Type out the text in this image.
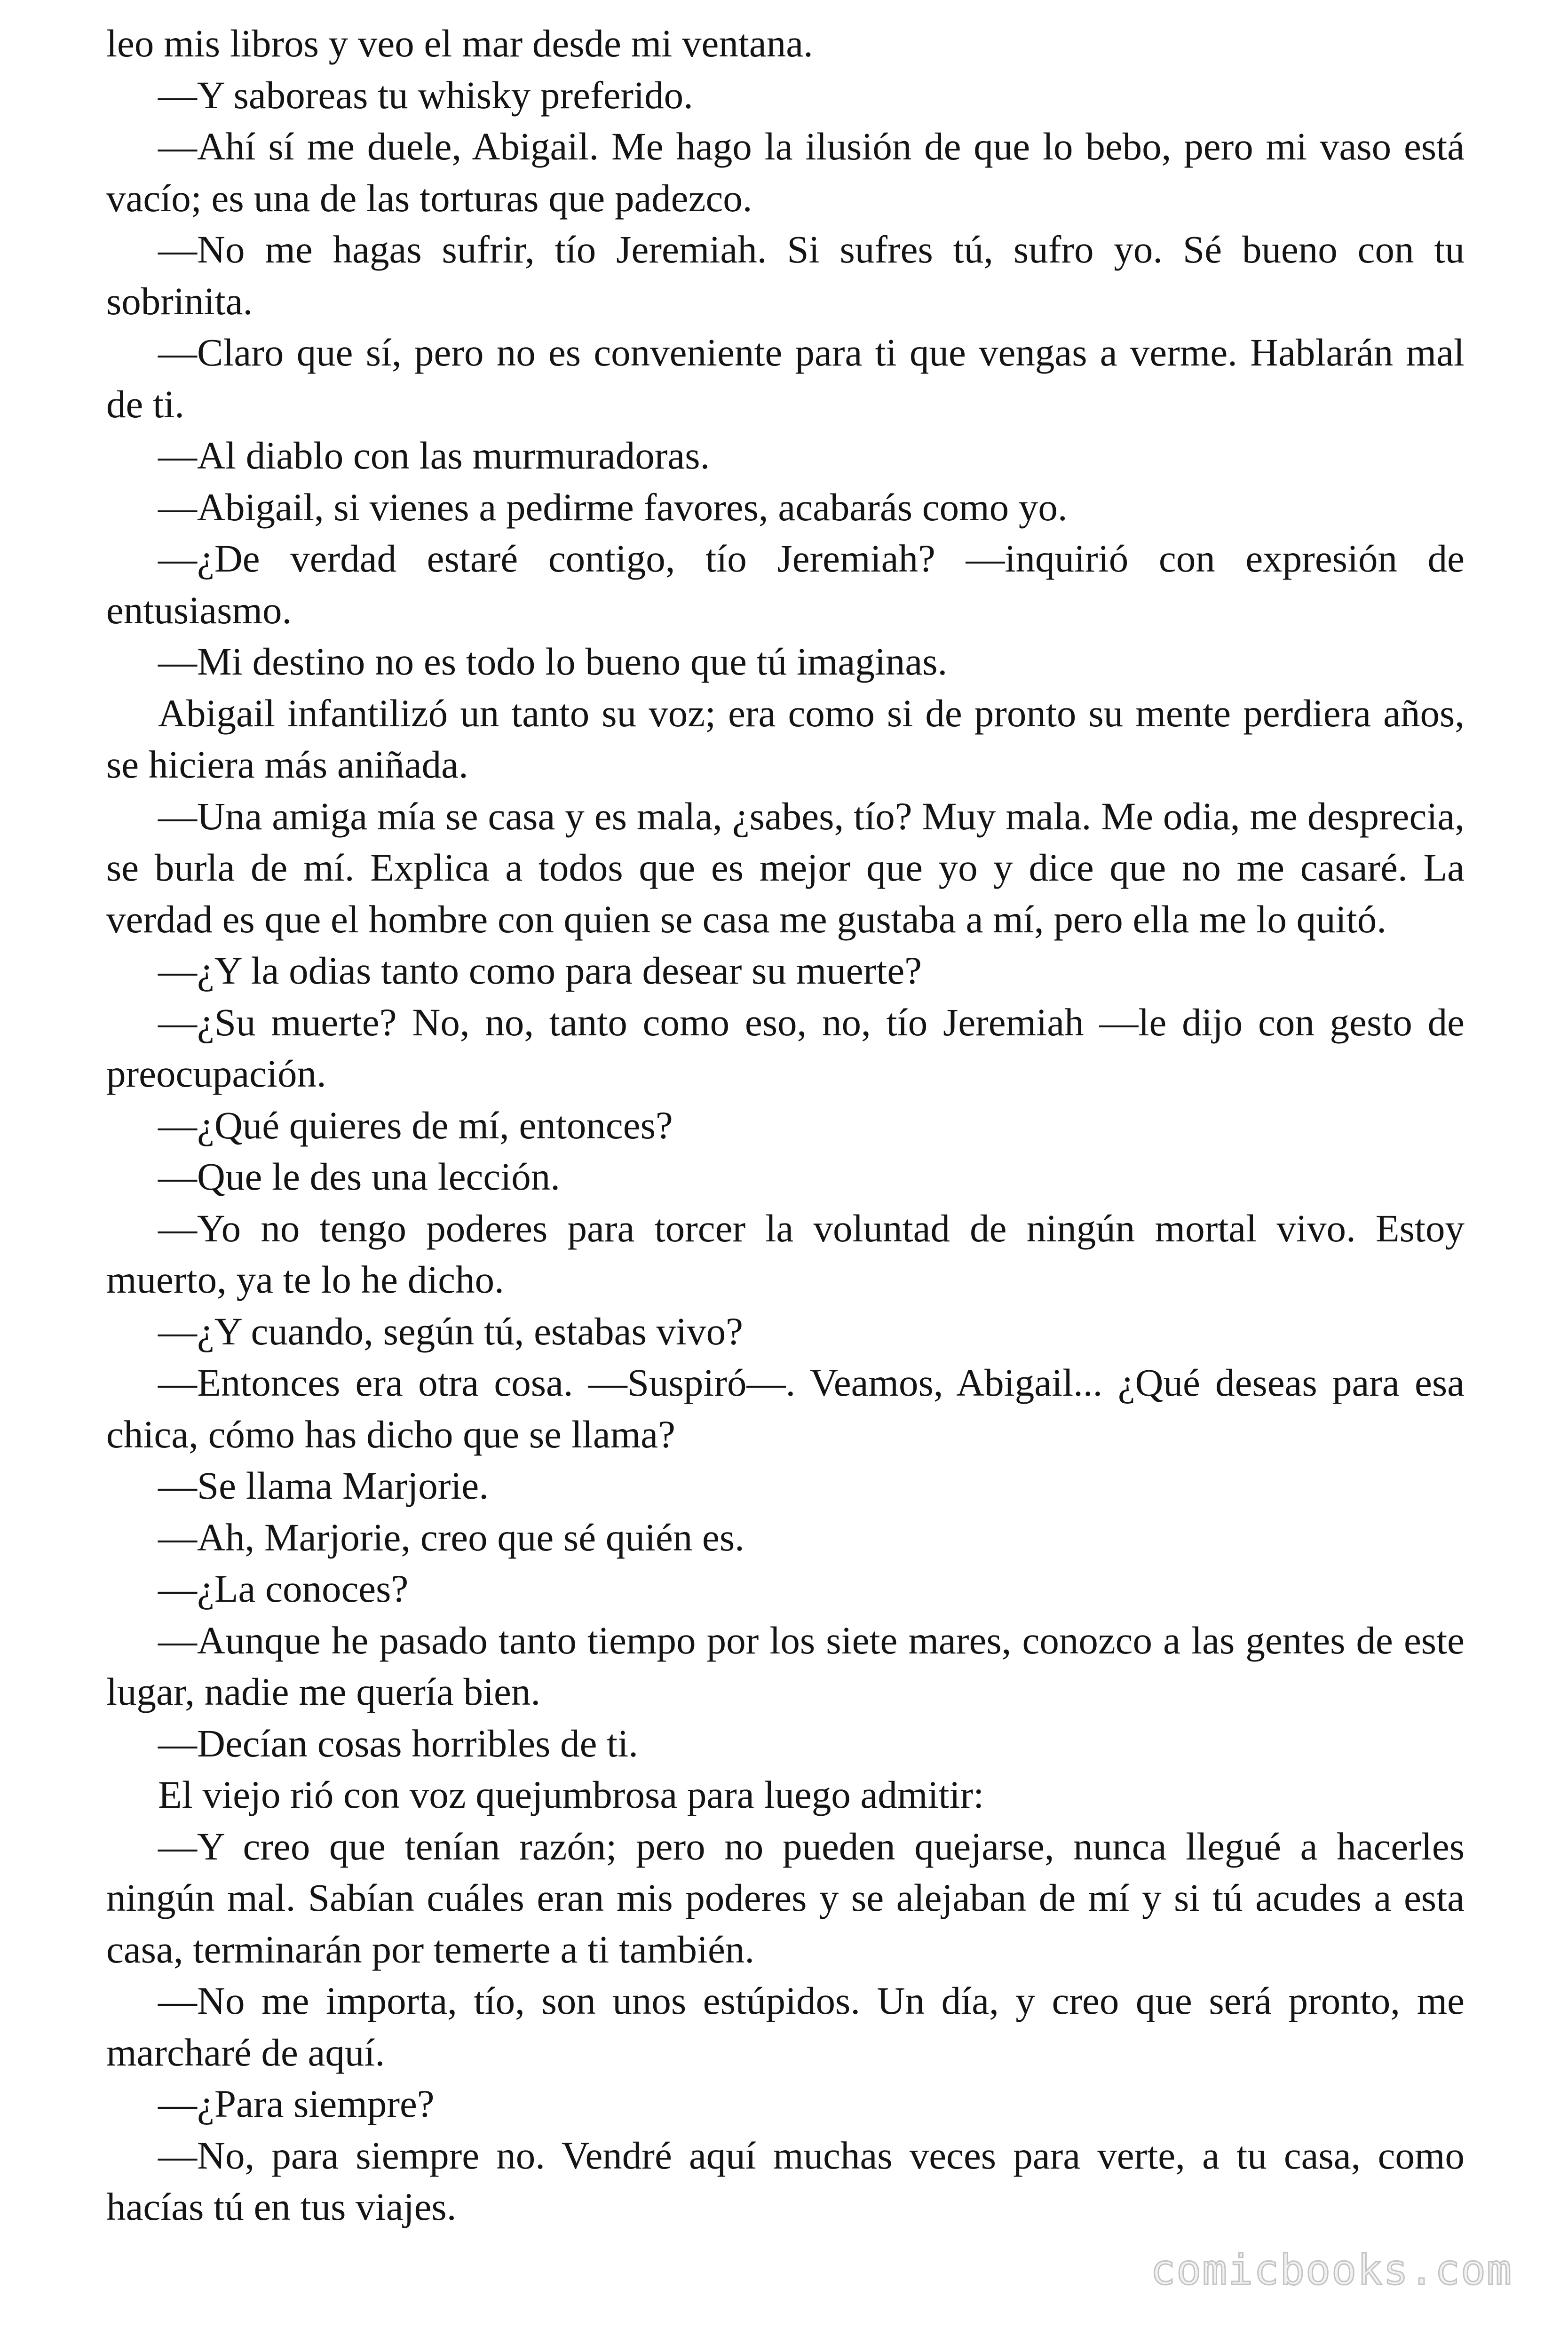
leo mis libros y veo el mar desde mi ventana.

—Y saboreas tu whisky preferido.

—Ahí sí me duele, Abigail. Me hago la ilusión de que lo bebo, pero mi vaso está vacío; es una de las torturas que padezco.

—No me hagas sufrir, tío Jeremiah. Si sufres tú, sufro yo. Sé bueno con tu sobrinita.

—Claro que sí, pero no es conveniente para ti que vengas a verme. Hablarán mal de ti.

—Al diablo con las murmuradoras.

—Abigail, si vienes a pedirme favores, acabarás como yo.

—¿De verdad estaré contigo, tío Jeremiah? —inquirió con expresión de entusiasmo.

—Mi destino no es todo lo bueno que tú imaginas.

Abigail infantilizó un tanto su voz; era como si de pronto su mente perdiera años, se hiciera más aniñada.

—Una amiga mía se casa y es mala, ¿sabes, tío? Muy mala. Me odia, me desprecia, se burla de mí. Explica a todos que es mejor que yo y dice que no me casaré. La verdad es que el hombre con quien se casa me gustaba a mí, pero ella me lo quitó.

—¿Y la odias tanto como para desear su muerte?

—¿Su muerte? No, no, tanto como eso, no, tío Jeremiah —le dijo con gesto de preocupación.

—¿Qué quieres de mí, entonces?

—Que le des una lección.

—Yo no tengo poderes para torcer la voluntad de ningún mortal vivo. Estoy muerto, ya te lo he dicho.

—¿Y cuando, según tú, estabas vivo?

—Entonces era otra cosa. —Suspiró—. Veamos, Abigail... ¿Qué deseas para esa chica, cómo has dicho que se llama?

—Se llama Marjorie.

—Ah, Marjorie, creo que sé quién es.

—¿La conoces?

—Aunque he pasado tanto tiempo por los siete mares, conozco a las gentes de este lugar, nadie me quería bien.

—Decían cosas horribles de ti.

El viejo rió con voz quejumbrosa para luego admitir:

—Y creo que tenían razón; pero no pueden quejarse, nunca llegué a hacerles ningún mal. Sabían cuáles eran mis poderes y se alejaban de mí y si tú acudes a esta casa, terminarán por temerte a ti también.

—No me importa, tío, son unos estúpidos. Un día, y creo que será pronto, me marcharé de aquí.

—¿Para siempre?

—No, para siempre no. Vendré aquí muchas veces para verte, a tu casa, como hacías tú en tus viajes.

comicbooks.com
